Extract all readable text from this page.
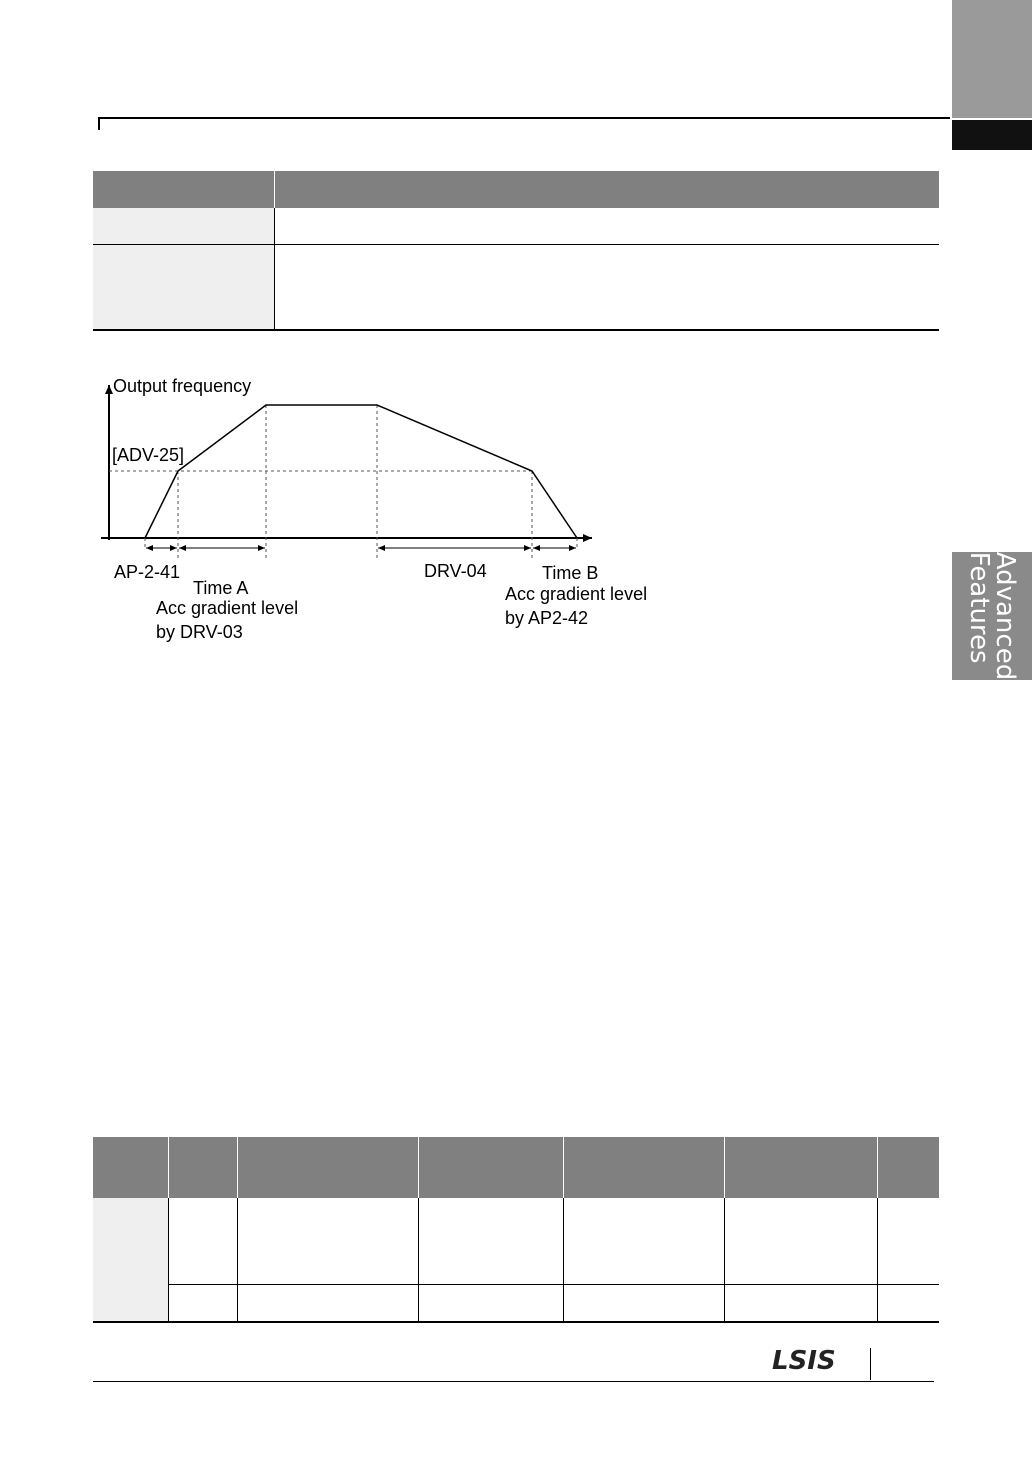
Advanced
Features
Output frequency
[ADV-25]
AP-2-41
Time A
Acc gradient level
by DRV-03
DRV-04	Time B
Acc gradient level
by AP2-42
LSIS
